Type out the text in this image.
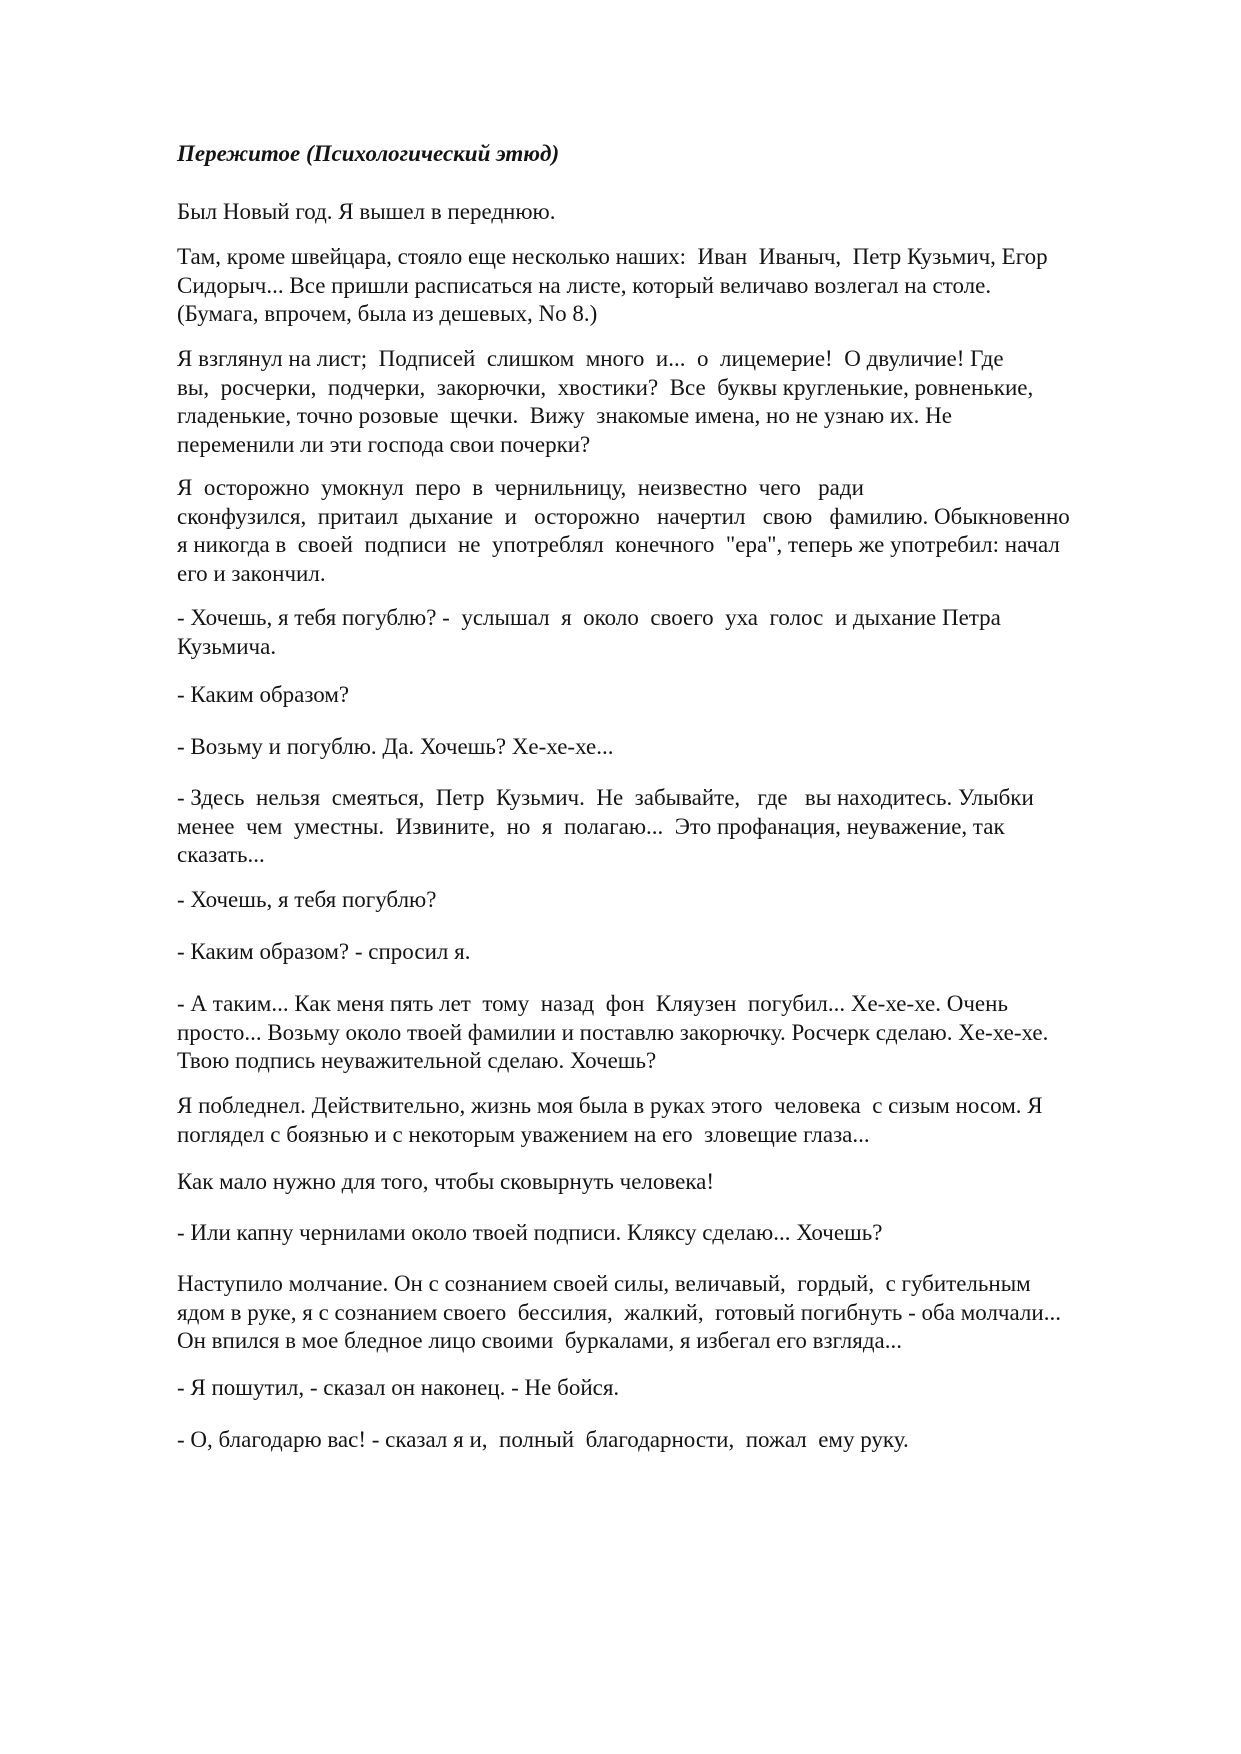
Пережитое (Психологический этюд)

Был Новый год. Я вышел в переднюю.
Там, кроме швейцара, стояло еще несколько наших:  Иван  Иваныч,  Петр Кузьмич, Егор
Сидорыч... Все пришли расписаться на листе, который величаво возлегал на столе.
(Бумага, впрочем, была из дешевых, No 8.)
Я взглянул на лист;  Подписей  слишком  много  и...  о  лицемерие!  О двуличие! Где
вы,  росчерки,  подчерки,  закорючки,  хвостики?  Все  буквы кругленькие, ровненькие,
гладенькие, точно розовые  щечки.  Вижу  знакомые имена, но не узнаю их. Не
переменили ли эти господа свои почерки?
Я  осторожно  умокнул  перо  в  чернильницу,  неизвестно  чего   ради
сконфузился,  притаил  дыхание  и   осторожно   начертил   свою   фамилию. Обыкновенно
я никогда в  своей  подписи  не  употреблял  конечного  "ера", теперь же употребил: начал
его и закончил.
- Хочешь, я тебя погублю? -  услышал  я  около  своего  уха  голос  и дыхание Петра
Кузьмича.
- Каким образом?
- Возьму и погублю. Да. Хочешь? Хе-хе-хе...
- Здесь  нельзя  смеяться,  Петр  Кузьмич.  Не  забывайте,   где   вы находитесь. Улыбки
менее  чем  уместны.  Извините,  но  я  полагаю...  Это профанация, неуважение, так
сказать...
- Хочешь, я тебя погублю?
- Каким образом? - спросил я.
- А таким... Как меня пять лет  тому  назад  фон  Кляузен  погубил... Хе-хе-хе. Очень
просто... Возьму около твоей фамилии и поставлю закорючку. Росчерк сделаю. Хе-хе-хе.
Твою подпись неуважительной сделаю. Хочешь?
Я побледнел. Действительно, жизнь моя была в руках этого  человека  с сизым носом. Я
поглядел с боязнью и с некоторым уважением на его  зловещие глаза...
Как мало нужно для того, чтобы сковырнуть человека!
- Или капну чернилами около твоей подписи. Кляксу сделаю... Хочешь?
Наступило молчание. Он с сознанием своей силы, величавый,  гордый,  с губительным
ядом в руке, я с сознанием своего  бессилия,  жалкий,  готовый погибнуть - оба молчали...
Он впился в мое бледное лицо своими  буркалами, я избегал его взгляда...
- Я пошутил, - сказал он наконец. - Не бойся.
- О, благодарю вас! - сказал я и,  полный  благодарности,  пожал  ему руку.
